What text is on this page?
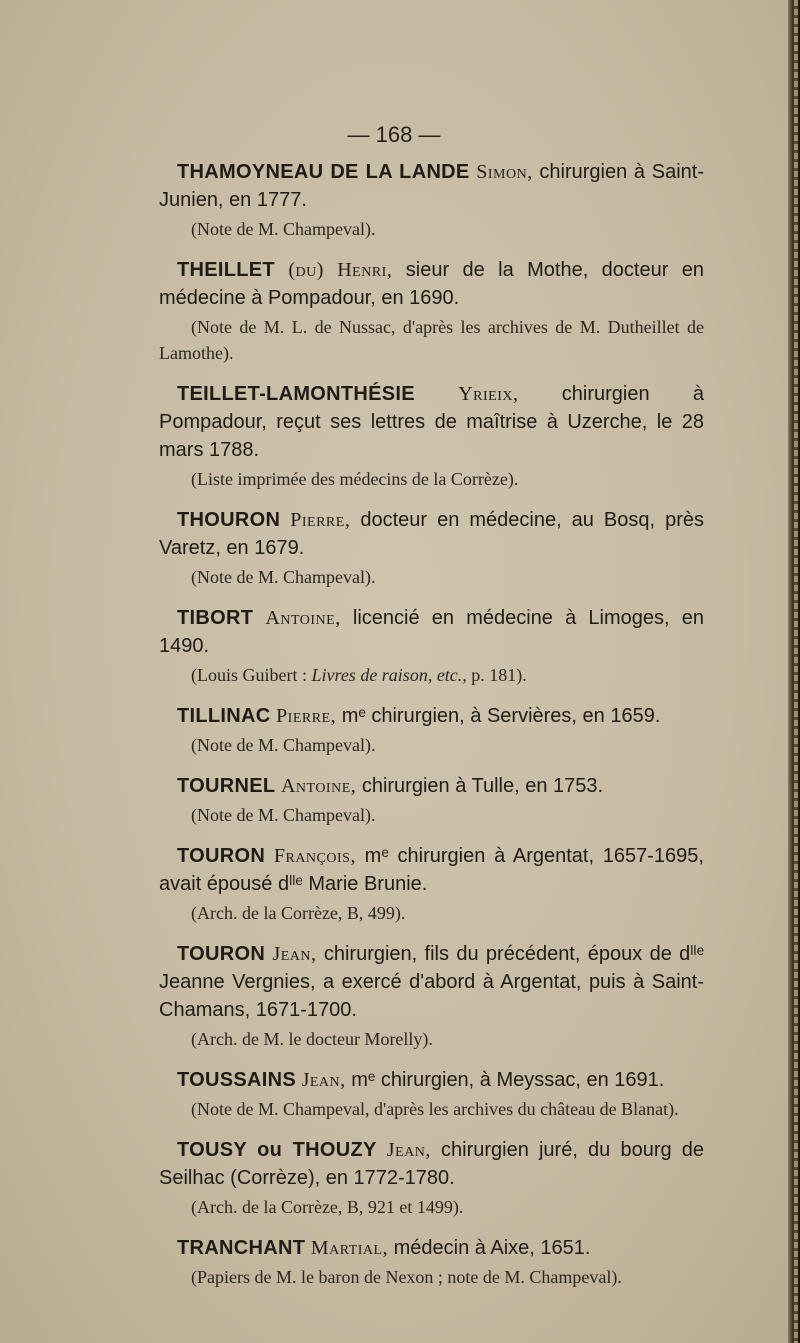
— 168 —

THAMOYNEAU DE LA LANDE Simon, chirurgien à Saint-Junien, en 1777.

(Note de M. Champeval).

THEILLET (du) Henri, sieur de la Mothe, docteur en médecine à Pompadour, en 1690.

(Note de M. L. de Nussac, d'après les archives de M. Dutheillet de Lamothe).

TEILLET-LAMONTHÉSIE Yrieix, chirurgien à Pompadour, reçut ses lettres de maîtrise à Uzerche, le 28 mars 1788.

(Liste imprimée des médecins de la Corrèze).

THOURON Pierre, docteur en médecine, au Bosq, près Varetz, en 1679.

(Note de M. Champeval).

TIBORT Antoine, licencié en médecine à Limoges, en 1490.

(Louis Guibert : Livres de raison, etc., p. 181).

TILLINAC Pierre, mᵉ chirurgien, à Servières, en 1659.

(Note de M. Champeval).

TOURNEL Antoine, chirurgien à Tulle, en 1753.

(Note de M. Champeval).

TOURON François, mᵉ chirurgien à Argentat, 1657-1695, avait épousé dˡˡᵉ Marie Brunie.

(Arch. de la Corrèze, B, 499).

TOURON Jean, chirurgien, fils du précédent, époux de dˡˡᵉ Jeanne Vergnies, a exercé d'abord à Argentat, puis à Saint-Chamans, 1671-1700.

(Arch. de M. le docteur Morelly).

TOUSSAINS Jean, mᵉ chirurgien, à Meyssac, en 1691.

(Note de M. Champeval, d'après les archives du château de Blanat).

TOUSY ou THOUZY Jean, chirurgien juré, du bourg de Seilhac (Corrèze), en 1772-1780.

(Arch. de la Corrèze, B, 921 et 1499).

TRANCHANT Martial, médecin à Aixe, 1651.

(Papiers de M. le baron de Nexon ; note de M. Champeval).
